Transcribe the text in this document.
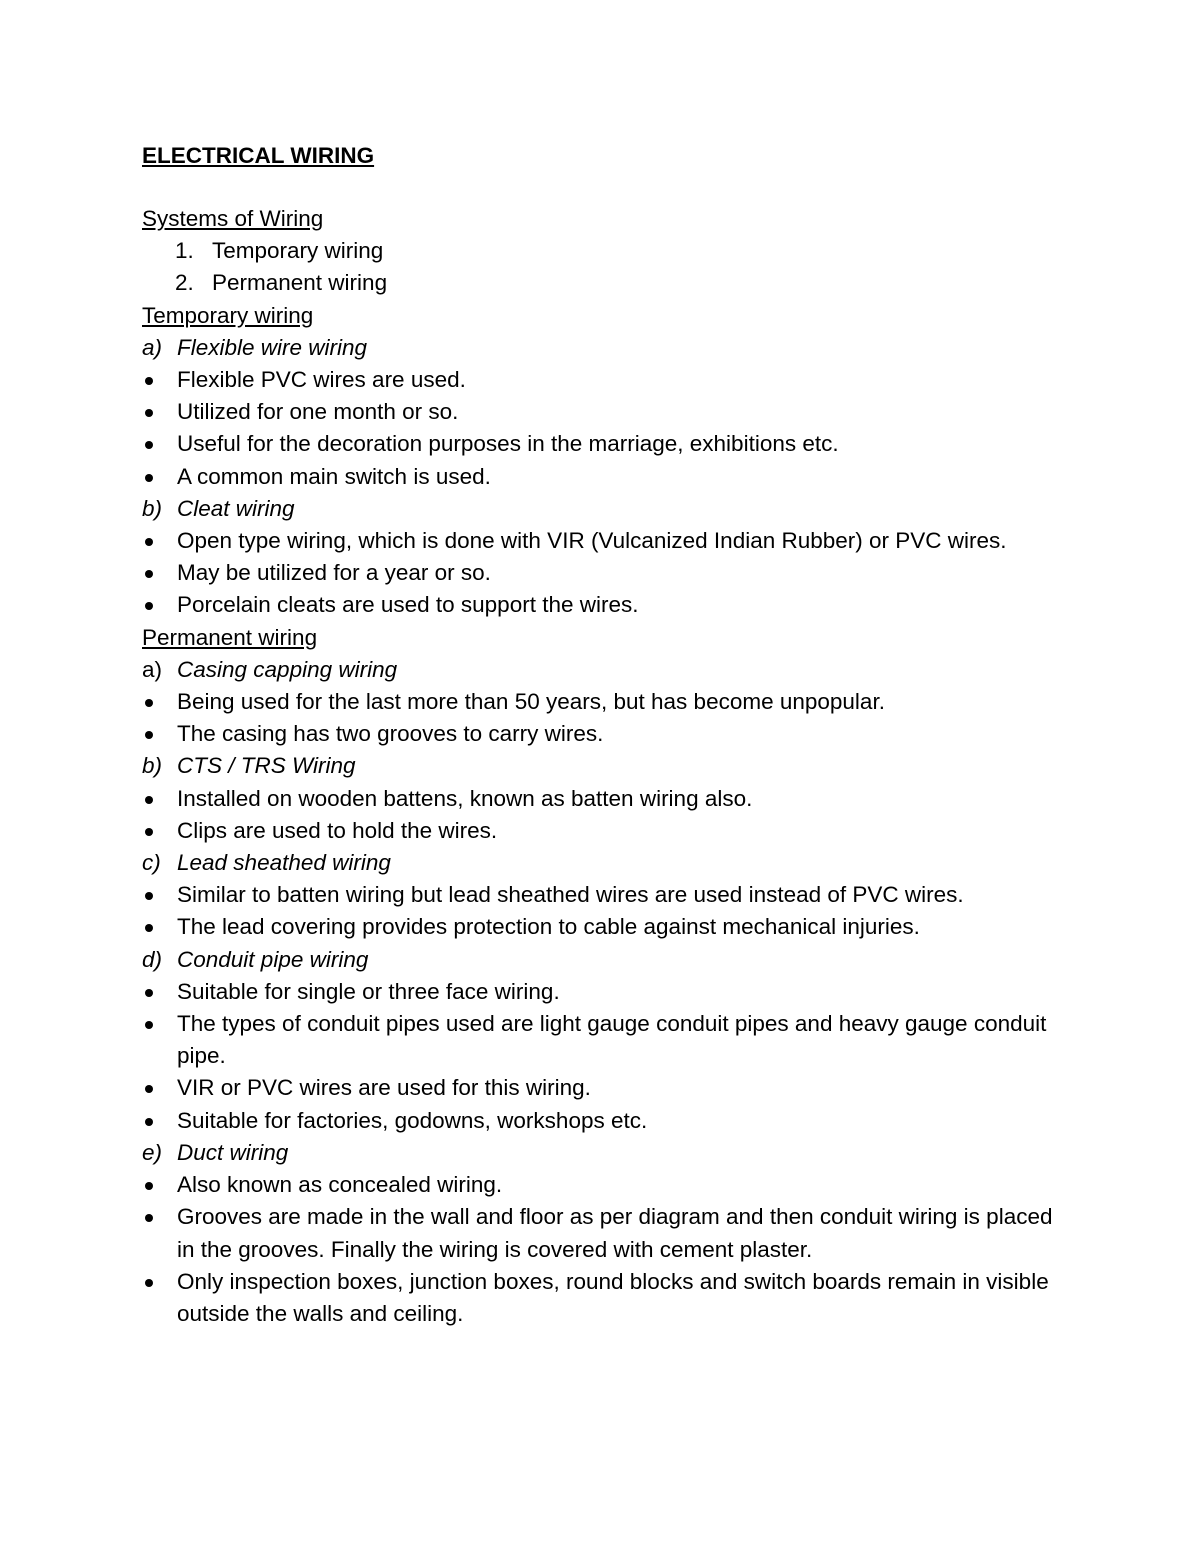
ELECTRICAL WIRING

Systems of Wiring

1. Temporary wiring
2. Permanent wiring

Temporary wiring

a) Flexible wire wiring
Flexible PVC wires are used.
Utilized for one month or so.
Useful for the decoration purposes in the marriage, exhibitions etc.
A common main switch is used.
b) Cleat wiring
Open type wiring, which is done with VIR (Vulcanized Indian Rubber) or PVC wires.
May be utilized for a year or so.
Porcelain cleats are used to support the wires.

Permanent wiring

a) Casing capping wiring
Being used for the last more than 50 years, but has become unpopular.
The casing has two grooves to carry wires.
b) CTS / TRS Wiring
Installed on wooden battens, known as batten wiring also.
Clips are used to hold the wires.
c) Lead sheathed wiring
Similar to batten wiring but lead sheathed wires are used instead of PVC wires.
The lead covering provides protection to cable against mechanical injuries.
d) Conduit pipe wiring
Suitable for single or three face wiring.
The types of conduit pipes used are light gauge conduit pipes and heavy gauge conduit pipe.
VIR or PVC wires are used for this wiring.
Suitable for factories, godowns, workshops etc.
e) Duct wiring
Also known as concealed wiring.
Grooves are made in the wall and floor as per diagram and then conduit wiring is placed in the grooves. Finally the wiring is covered with cement plaster.
Only inspection boxes, junction boxes, round blocks and switch boards remain in visible outside the walls and ceiling.
